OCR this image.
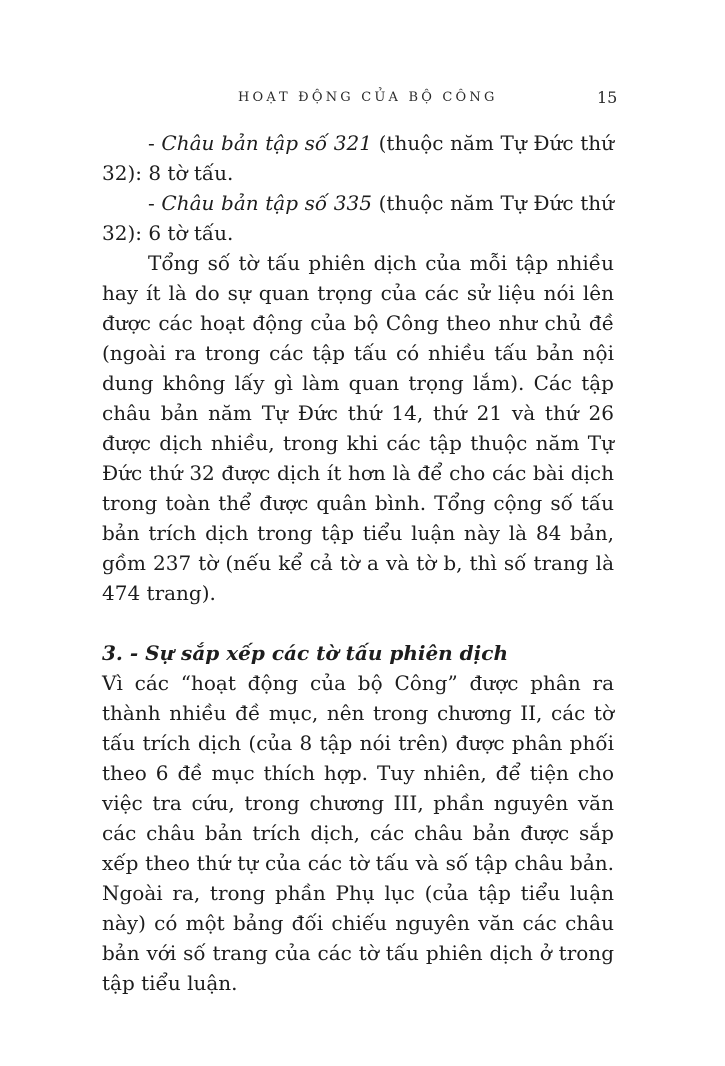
HOẠT ĐỘNG CỦA BỘ CÔNG	15

- Châu bản tập số 321 (thuộc năm Tự Đức thứ 32): 8 tờ tấu.

- Châu bản tập số 335 (thuộc năm Tự Đức thứ 32): 6 tờ tấu.

Tổng số tờ tấu phiên dịch của mỗi tập nhiều hay ít là do sự quan trọng của các sử liệu nói lên được các hoạt động của bộ Công theo như chủ đề (ngoài ra trong các tập tấu có nhiều tấu bản nội dung không lấy gì làm quan trọng lắm). Các tập châu bản năm Tự Đức thứ 14, thứ 21 và thứ 26 được dịch nhiều, trong khi các tập thuộc năm Tự Đức thứ 32 được dịch ít hơn là để cho các bài dịch trong toàn thể được quân bình. Tổng cộng số tấu bản trích dịch trong tập tiểu luận này là 84 bản, gồm 237 tờ (nếu kể cả tờ a và tờ b, thì số trang là 474 trang).

3. - Sự sắp xếp các tờ tấu phiên dịch

Vì các “hoạt động của bộ Công” được phân ra thành nhiều đề mục, nên trong chương II, các tờ tấu trích dịch (của 8 tập nói trên) được phân phối theo 6 đề mục thích hợp. Tuy nhiên, để tiện cho việc tra cứu, trong chương III, phần nguyên văn các châu bản trích dịch, các châu bản được sắp xếp theo thứ tự của các tờ tấu và số tập châu bản. Ngoài ra, trong phần Phụ lục (của tập tiểu luận này) có một bảng đối chiếu nguyên văn các châu bản với số trang của các tờ tấu phiên dịch ở trong tập tiểu luận.
